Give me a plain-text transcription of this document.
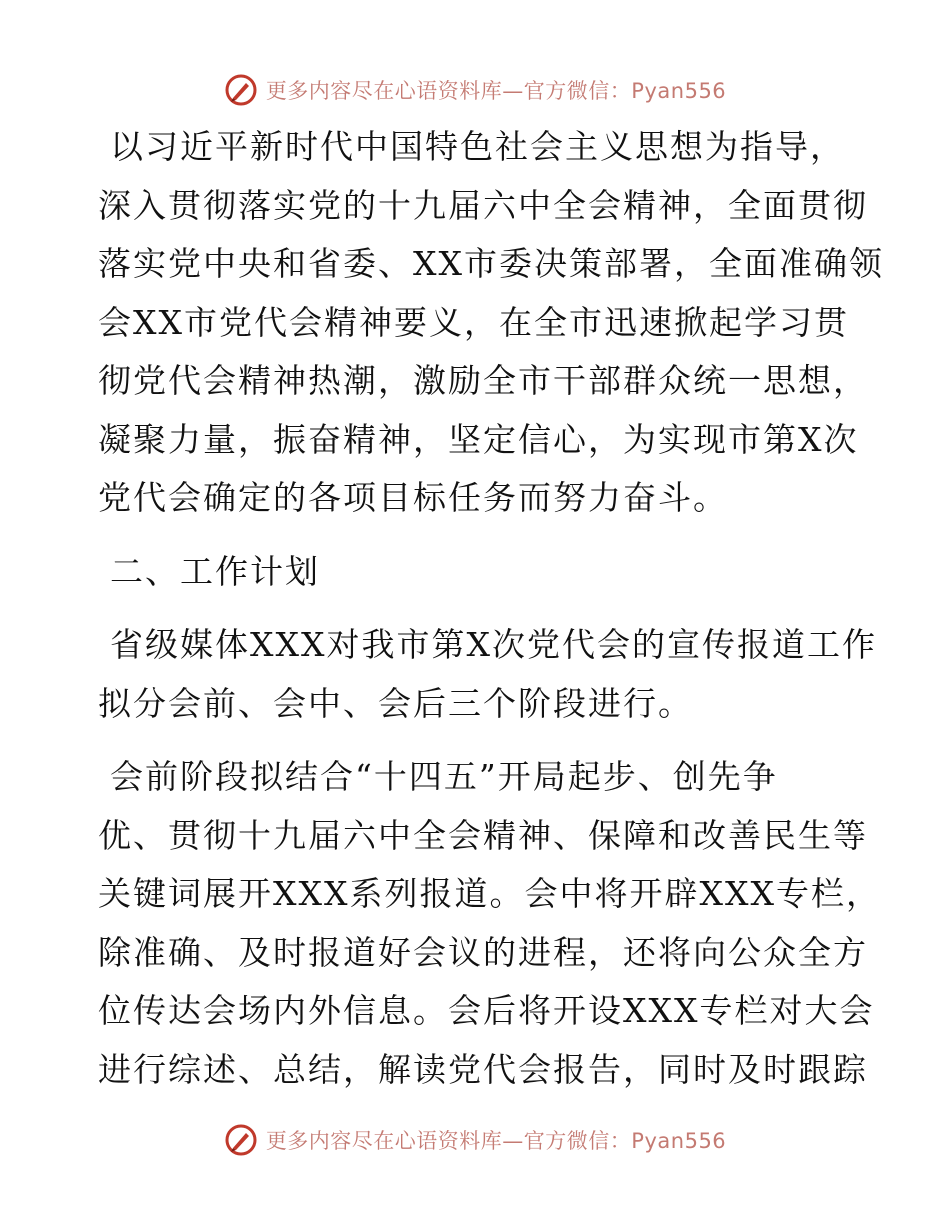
更多内容尽在心语资料库—官方微信：Pyan556
以习近平新时代中国特色社会主义思想为指导，
深入贯彻落实党的十九届六中全会精神，全面贯彻
落实党中央和省委、XX市委决策部署，全面准确领
会XX市党代会精神要义，在全市迅速掀起学习贯
彻党代会精神热潮，激励全市干部群众统一思想，
凝聚力量，振奋精神，坚定信心，为实现市第X次
党代会确定的各项目标任务而努力奋斗。
二、工作计划
省级媒体XXX对我市第X次党代会的宣传报道工作
拟分会前、会中、会后三个阶段进行。
会前阶段拟结合“十四五”开局起步、创先争
优、贯彻十九届六中全会精神、保障和改善民生等
关键词展开XXX系列报道。会中将开辟XXX专栏，
除准确、及时报道好会议的进程，还将向公众全方
位传达会场内外信息。会后将开设XXX专栏对大会
进行综述、总结，解读党代会报告，同时及时跟踪
更多内容尽在心语资料库—官方微信：Pyan556
